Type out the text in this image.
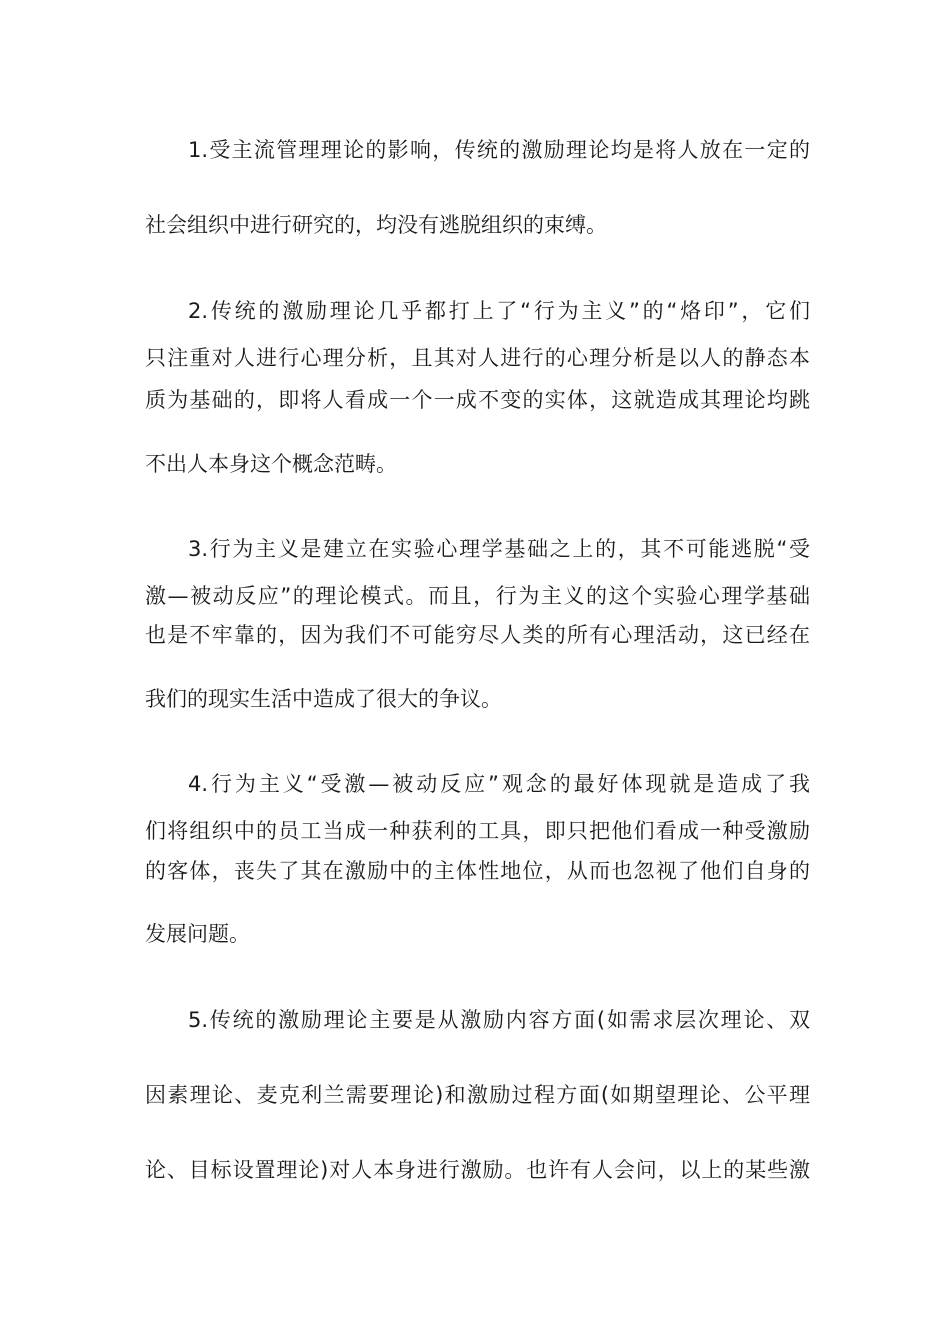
1.受主流管理理论的影响，传统的激励理论均是将人放在一定的
社会组织中进行研究的，均没有逃脱组织的束缚。
2.传统的激励理论几乎都打上了“行为主义”的“烙印”，它们
只注重对人进行心理分析，且其对人进行的心理分析是以人的静态本
质为基础的，即将人看成一个一成不变的实体，这就造成其理论均跳
不出人本身这个概念范畴。
3.行为主义是建立在实验心理学基础之上的，其不可能逃脱“受
激—被动反应”的理论模式。而且，行为主义的这个实验心理学基础
也是不牢靠的，因为我们不可能穷尽人类的所有心理活动，这已经在
我们的现实生活中造成了很大的争议。
4.行为主义“受激—被动反应”观念的最好体现就是造成了我
们将组织中的员工当成一种获利的工具，即只把他们看成一种受激励
的客体，丧失了其在激励中的主体性地位，从而也忽视了他们自身的
发展问题。
5.传统的激励理论主要是从激励内容方面(如需求层次理论、双
因素理论、麦克利兰需要理论)和激励过程方面(如期望理论、公平理
论、目标设置理论)对人本身进行激励。也许有人会问，以上的某些激
